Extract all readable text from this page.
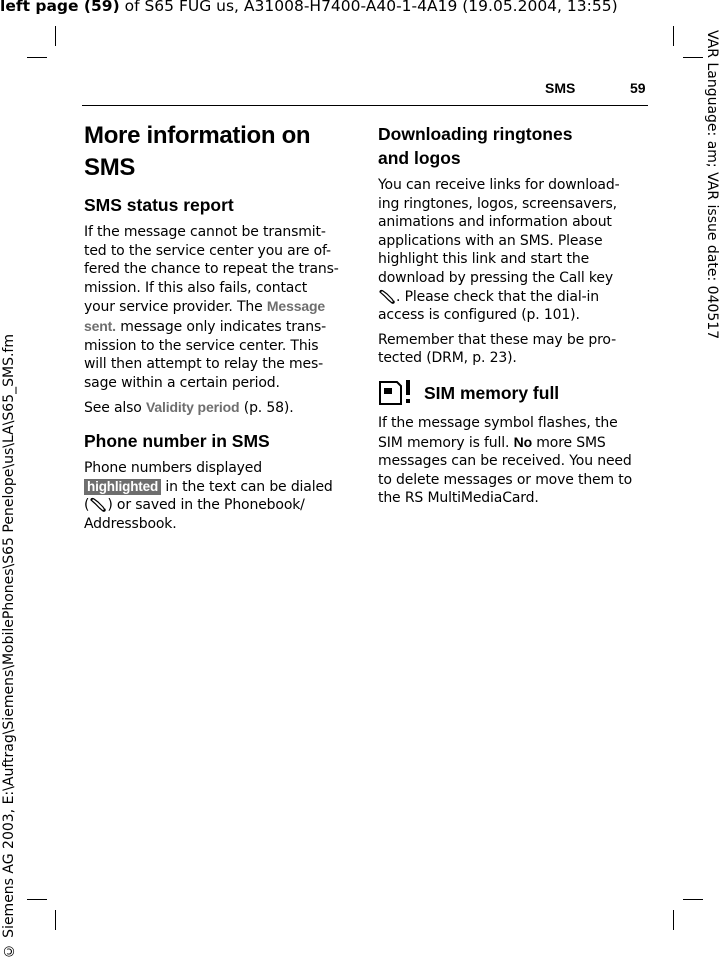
left page (59) of S65 FUG us, A31008-H7400-A40-1-4A19 (19.05.2004, 13:55)
SMS	59	VAR Language: am; VAR issue date: 040517
© Siemens AG 2003, E:\Auftrag\Siemens\MobilePhones\S65 Penelope\us\LA\S65_SMS.fm
More information on SMS
SMS status report

If the message cannot be transmit-
ted to the service center you are of-
fered the chance to repeat the trans-
mission. If this also fails, contact
your service provider. The Message sent. message only indicates trans-
mission to the service center. This
will then attempt to relay the mes-
sage within a certain period.

See also Validity period (p. 58).

Phone number in SMS

Phone numbers displayed
highlighted in the text can be dialed
( ) or saved in the Phonebook/
Addressbook.

Downloading ringtones
and logos

You can receive links for download-
ing ringtones, logos, screensavers,
animations and information about
applications with an SMS. Please
highlight this link and start the
download by pressing the Call key
. Please check that the dial-in
access is configured (p. 101).

Remember that these may be pro-
tected (DRM, p. 23).

SIM memory full

If the message symbol flashes, the
SIM memory is full. No more SMS
messages can be received. You need
to delete messages or move them to
the RS MultiMediaCard.
